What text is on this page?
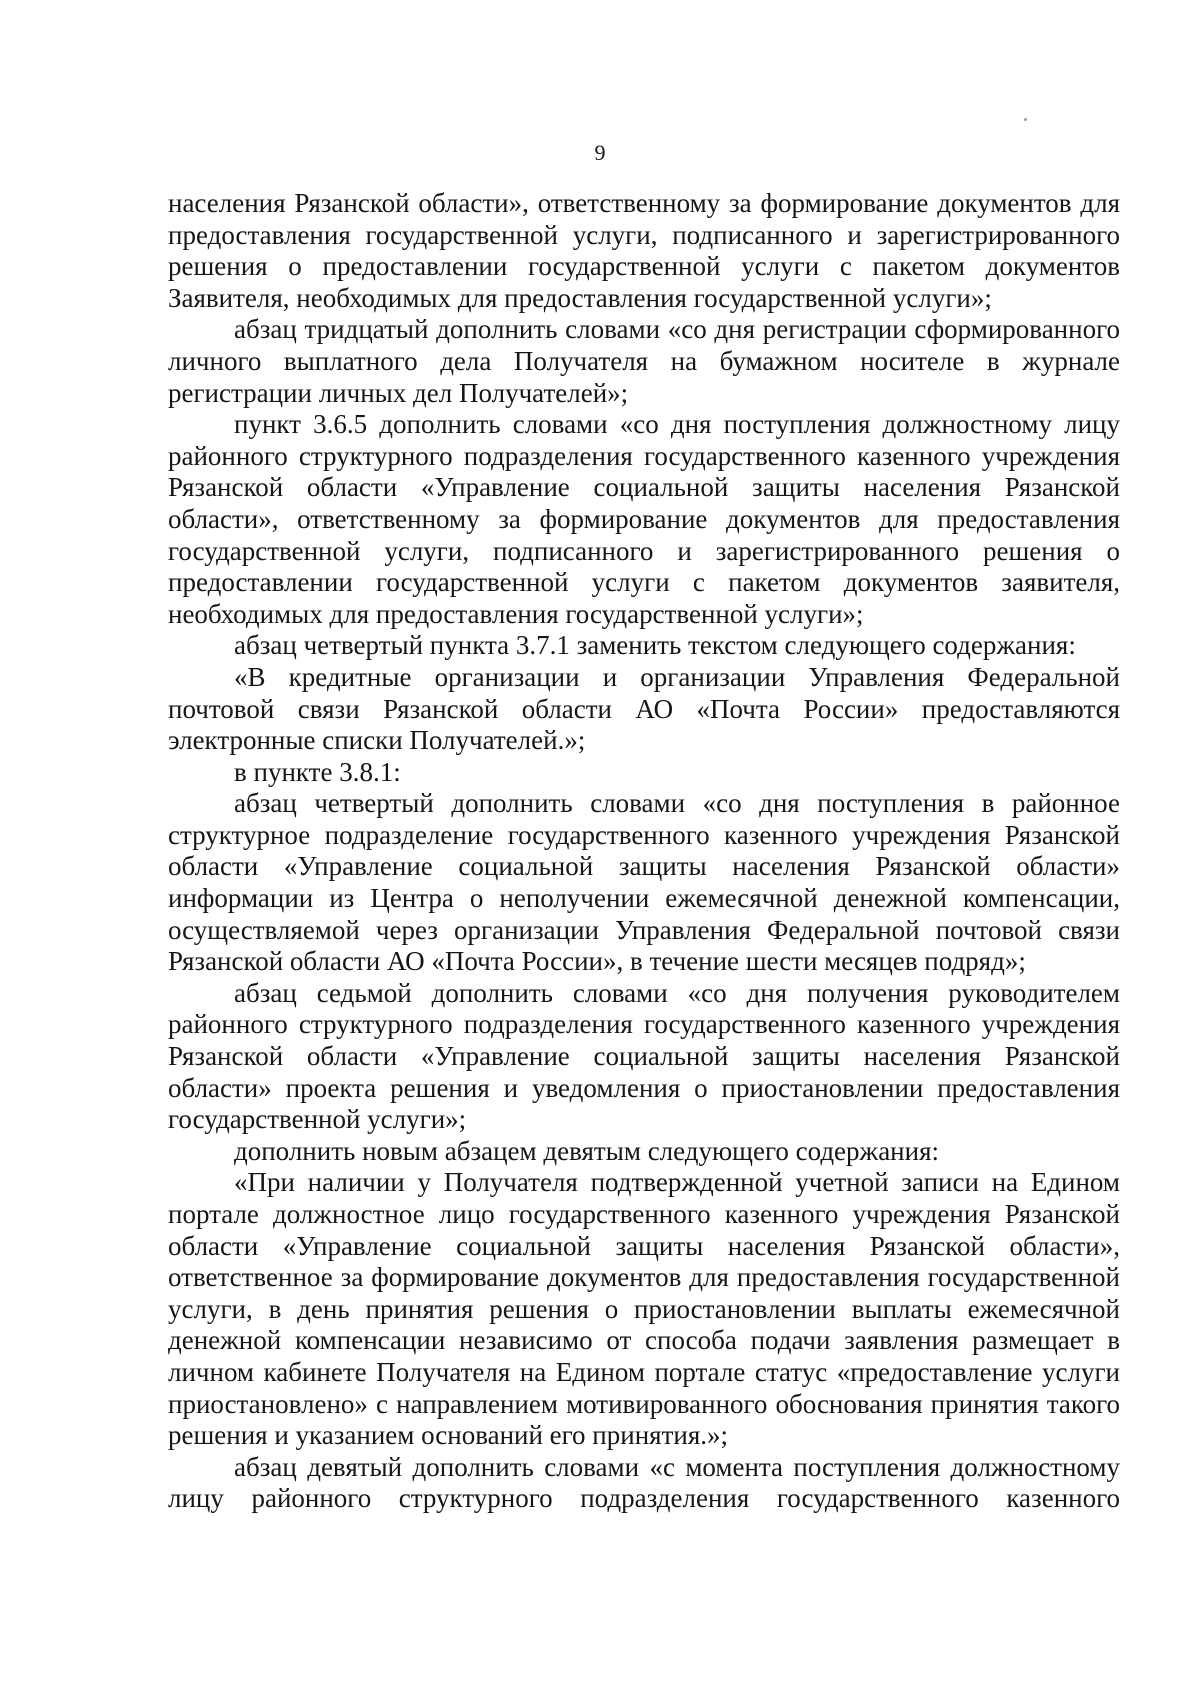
9

населения Рязанской области», ответственному за формирование документов для предоставления государственной услуги, подписанного и зарегистрированного решения о предоставлении государственной услуги с пакетом документов Заявителя, необходимых для предоставления государственной услуги»;

абзац тридцатый дополнить словами «со дня регистрации сформированного личного выплатного дела Получателя на бумажном носителе в журнале регистрации личных дел Получателей»;

пункт 3.6.5 дополнить словами «со дня поступления должностному лицу районного структурного подразделения государственного казенного учреждения Рязанской области «Управление социальной защиты населения Рязанской области», ответственному за формирование документов для предоставления государственной услуги, подписанного и зарегистрированного решения о предоставлении государственной услуги с пакетом документов заявителя, необходимых для предоставления государственной услуги»;

абзац четвертый пункта 3.7.1 заменить текстом следующего содержания:

«В кредитные организации и организации Управления Федеральной почтовой связи Рязанской области АО «Почта России» предоставляются электронные списки Получателей.»;

в пункте 3.8.1:

абзац четвертый дополнить словами «со дня поступления в районное структурное подразделение государственного казенного учреждения Рязанской области «Управление социальной защиты населения Рязанской области» информации из Центра о неполучении ежемесячной денежной компенсации, осуществляемой через организации Управления Федеральной почтовой связи Рязанской области АО «Почта России», в течение шести месяцев подряд»;

абзац седьмой дополнить словами «со дня получения руководителем районного структурного подразделения государственного казенного учреждения Рязанской области «Управление социальной защиты населения Рязанской области» проекта решения и уведомления о приостановлении предоставления государственной услуги»;

дополнить новым абзацем девятым следующего содержания:

«При наличии у Получателя подтвержденной учетной записи на Едином портале должностное лицо государственного казенного учреждения Рязанской области «Управление социальной защиты населения Рязанской области», ответственное за формирование документов для предоставления государственной услуги, в день принятия решения о приостановлении выплаты ежемесячной денежной компенсации независимо от способа подачи заявления размещает в личном кабинете Получателя на Едином портале статус «предоставление услуги приостановлено» с направлением мотивированного обоснования принятия такого решения и указанием оснований его принятия.»;

абзац девятый дополнить словами «с момента поступления должностному лицу районного структурного подразделения государственного казенного
